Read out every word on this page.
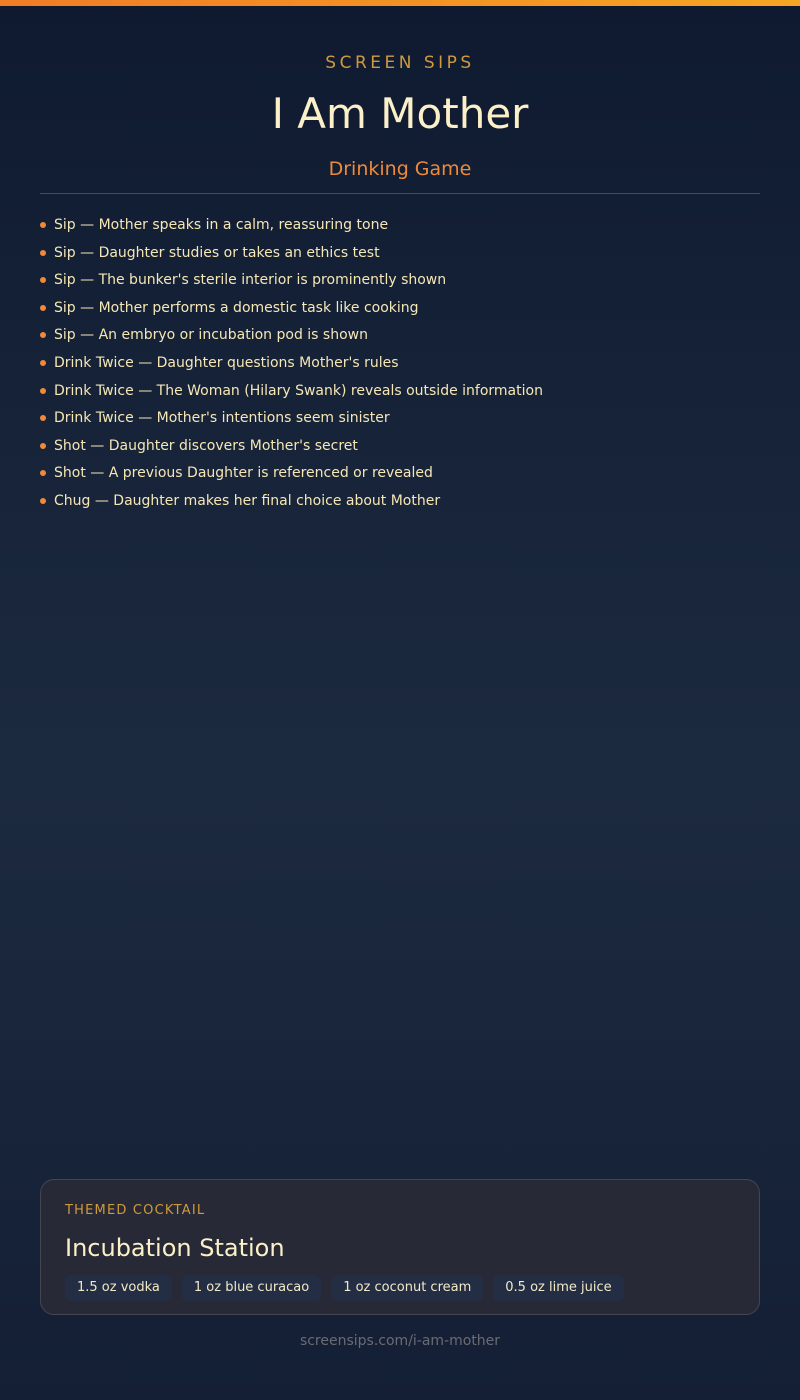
SCREEN SIPS
I Am Mother
Drinking Game
Sip — Mother speaks in a calm, reassuring tone
Sip — Daughter studies or takes an ethics test
Sip — The bunker's sterile interior is prominently shown
Sip — Mother performs a domestic task like cooking
Sip — An embryo or incubation pod is shown
Drink Twice — Daughter questions Mother's rules
Drink Twice — The Woman (Hilary Swank) reveals outside information
Drink Twice — Mother's intentions seem sinister
Shot — Daughter discovers Mother's secret
Shot — A previous Daughter is referenced or revealed
Chug — Daughter makes her final choice about Mother
THEMED COCKTAIL
Incubation Station
1.5 oz vodka	1 oz blue curacao	1 oz coconut cream	0.5 oz lime juice
screensips.com/i-am-mother
